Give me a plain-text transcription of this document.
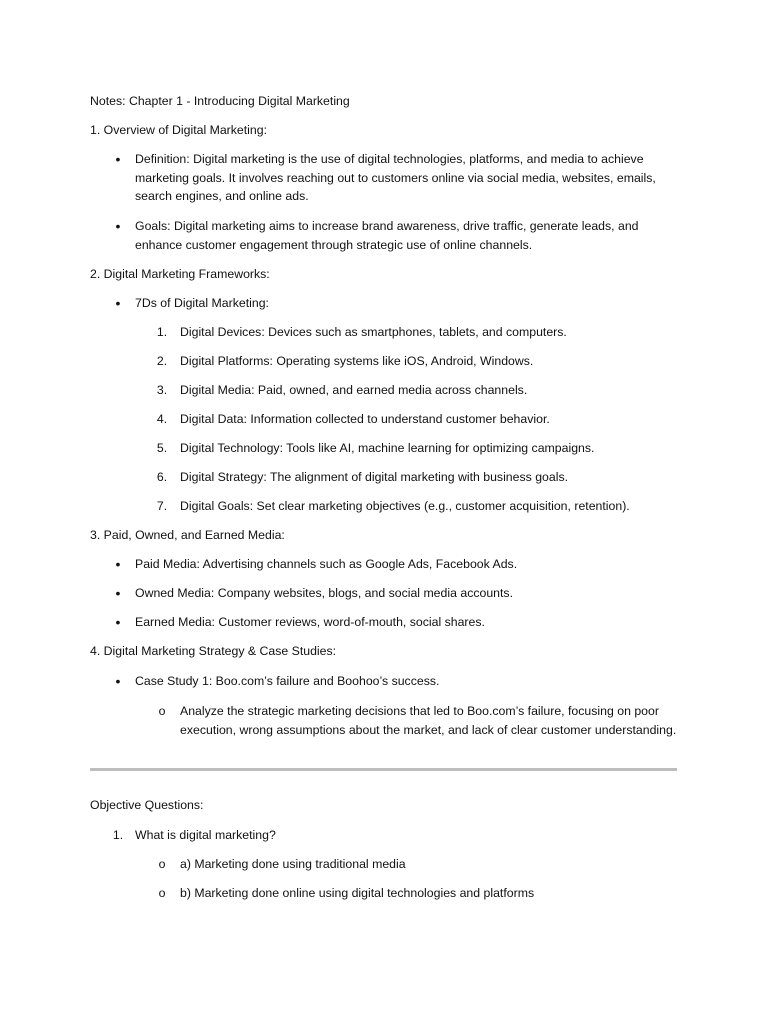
Notes: Chapter 1 - Introducing Digital Marketing
1. Overview of Digital Marketing:
• Definition: Digital marketing is the use of digital technologies, platforms, and media to achieve marketing goals. It involves reaching out to customers online via social media, websites, emails, search engines, and online ads.
• Goals: Digital marketing aims to increase brand awareness, drive traffic, generate leads, and enhance customer engagement through strategic use of online channels.
2. Digital Marketing Frameworks:
• 7Ds of Digital Marketing:
1. Digital Devices: Devices such as smartphones, tablets, and computers.
2. Digital Platforms: Operating systems like iOS, Android, Windows.
3. Digital Media: Paid, owned, and earned media across channels.
4. Digital Data: Information collected to understand customer behavior.
5. Digital Technology: Tools like AI, machine learning for optimizing campaigns.
6. Digital Strategy: The alignment of digital marketing with business goals.
7. Digital Goals: Set clear marketing objectives (e.g., customer acquisition, retention).
3. Paid, Owned, and Earned Media:
• Paid Media: Advertising channels such as Google Ads, Facebook Ads.
• Owned Media: Company websites, blogs, and social media accounts.
• Earned Media: Customer reviews, word-of-mouth, social shares.
4. Digital Marketing Strategy & Case Studies:
• Case Study 1: Boo.com’s failure and Boohoo’s success.
o Analyze the strategic marketing decisions that led to Boo.com’s failure, focusing on poor execution, wrong assumptions about the market, and lack of clear customer understanding.
Objective Questions:
1. What is digital marketing?
o a) Marketing done using traditional media
o b) Marketing done online using digital technologies and platforms
